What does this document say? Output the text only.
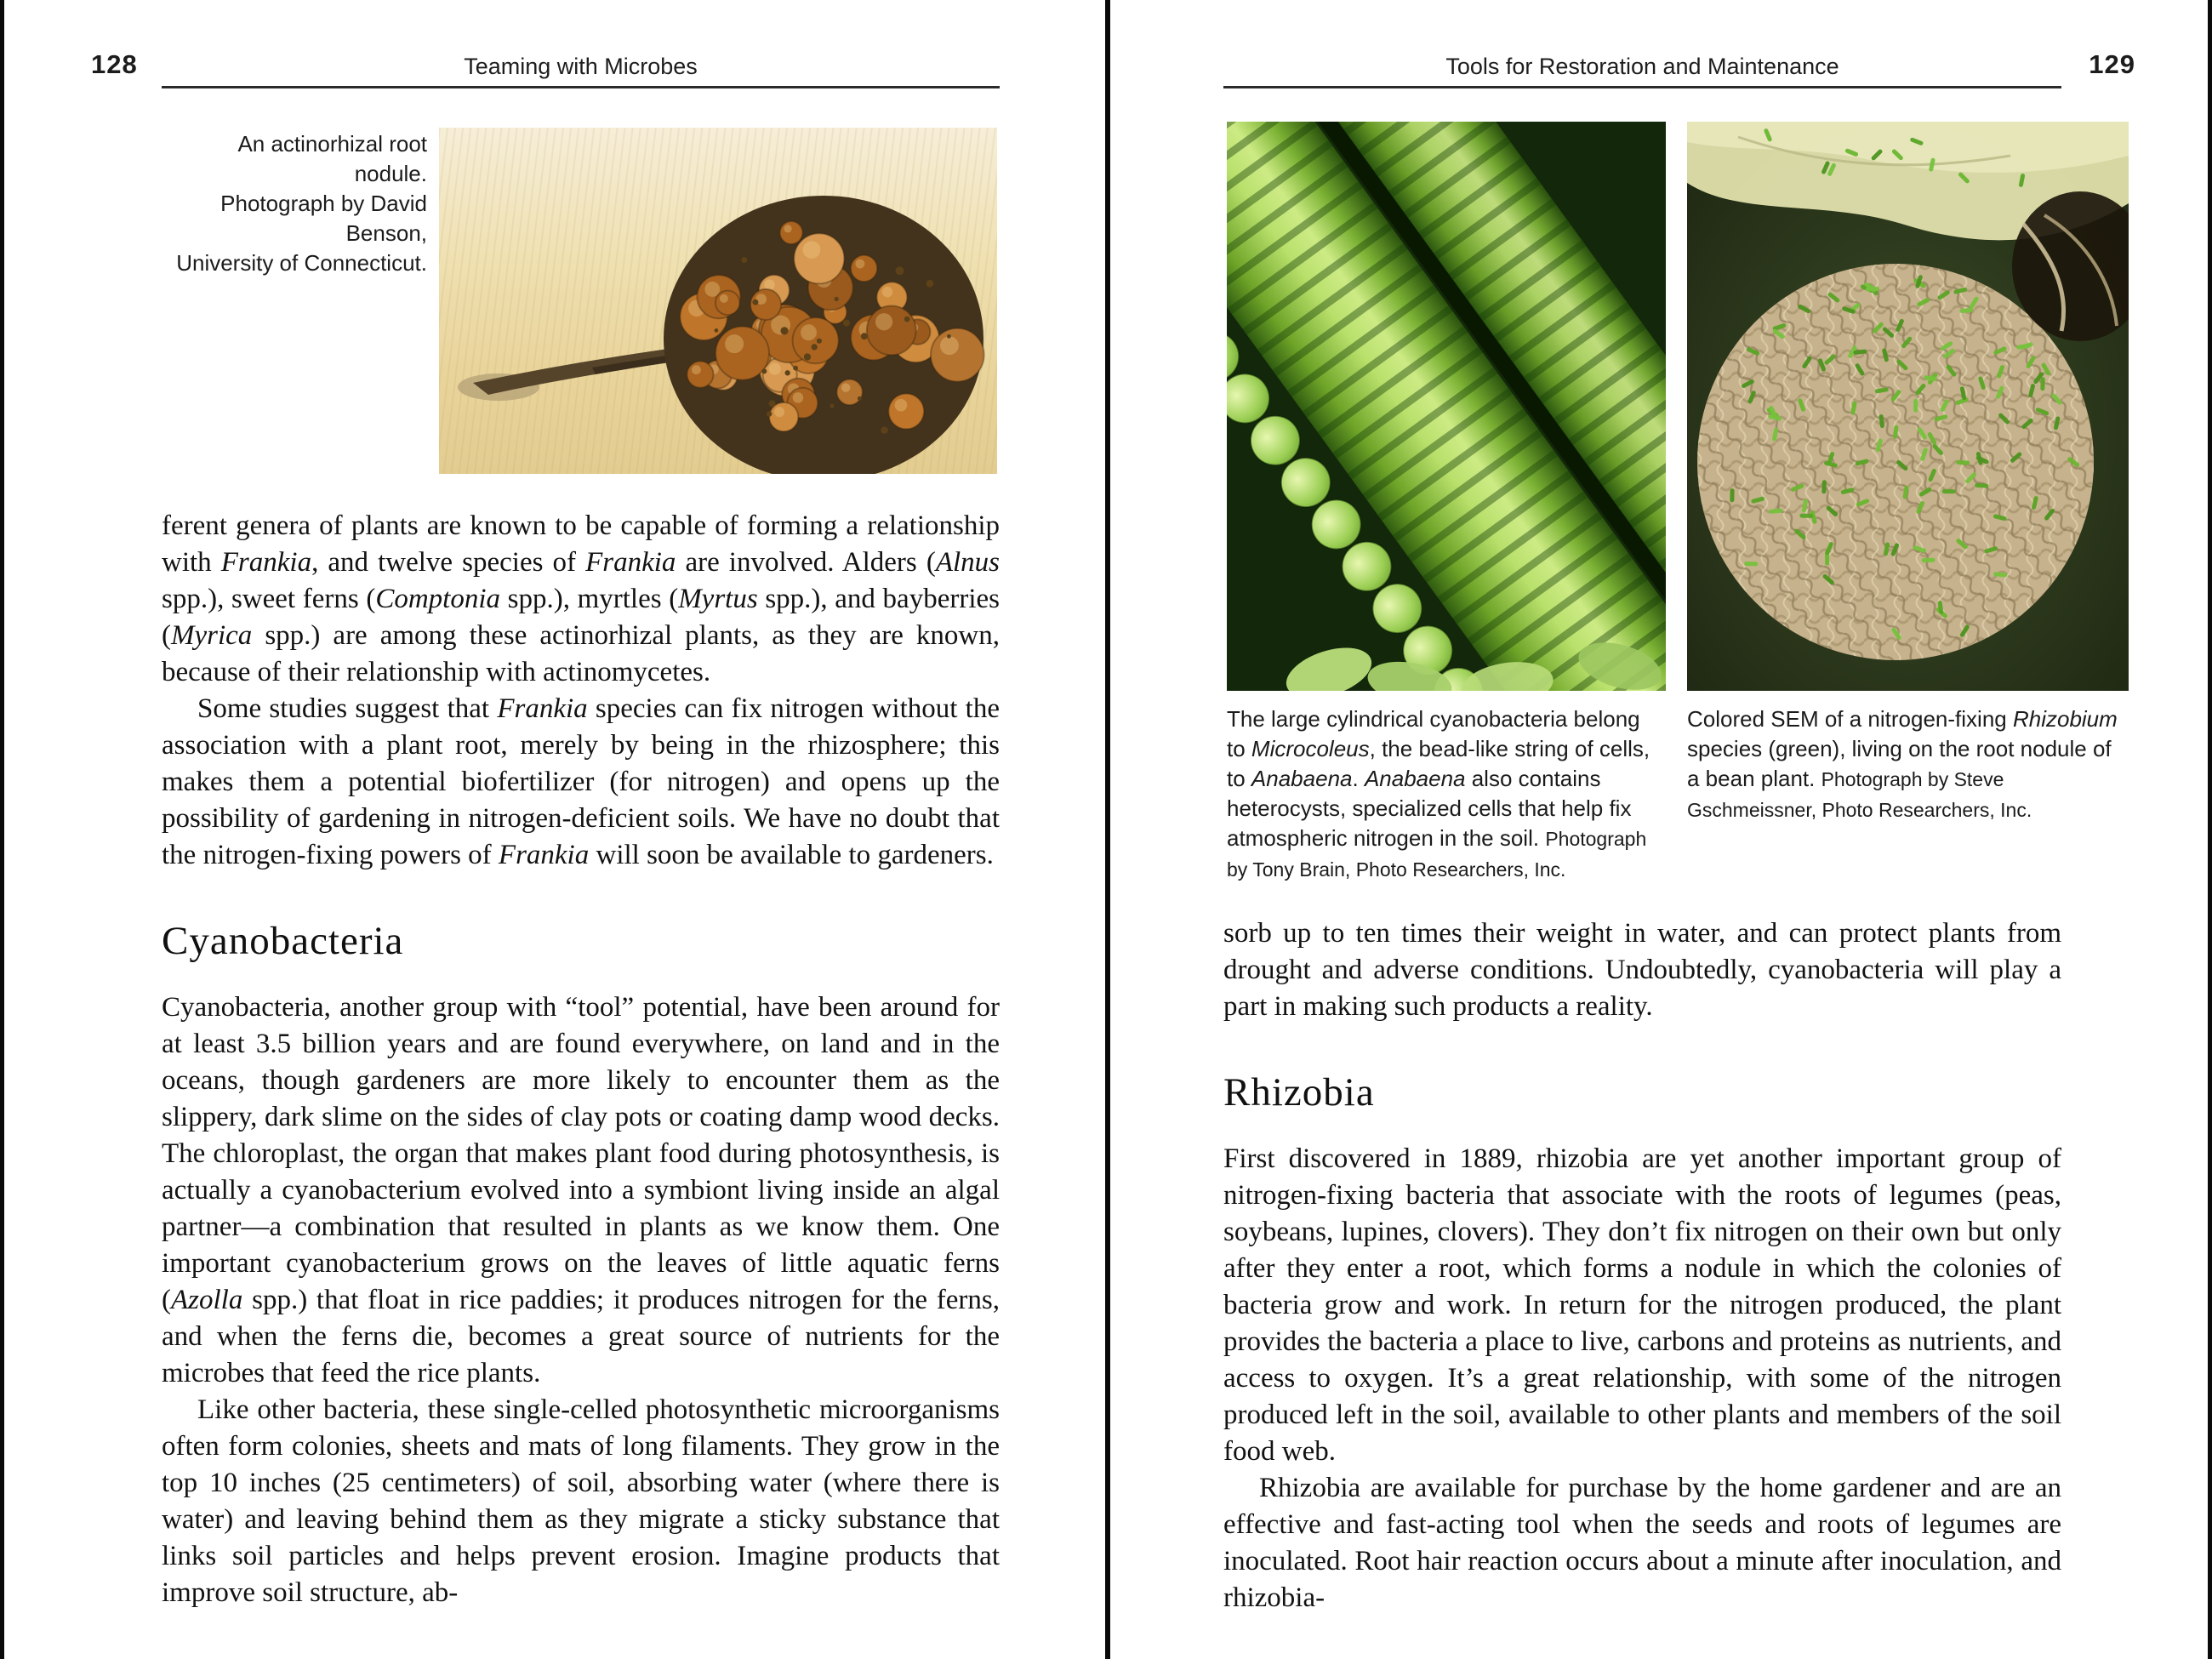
128	Teaming with Microbes
An actinorhizal root nodule.
Photograph by David Benson,
University of Connecticut.

ferent genera of plants are known to be capable of forming a relationship with Frankia, and twelve species of Frankia are involved. Alders (Alnus spp.), sweet ferns (Comptonia spp.), myrtles (Myrtus spp.), and bayberries (Myrica spp.) are among these actinorhizal plants, as they are known, because of their relationship with actinomycetes.

Some studies suggest that Frankia species can fix nitrogen without the association with a plant root, merely by being in the rhizosphere; this makes them a potential biofertilizer (for nitrogen) and opens up the possibility of gardening in nitrogen-deficient soils. We have no doubt that the nitrogen-fixing powers of Frankia will soon be available to gardeners.

Cyanobacteria

Cyanobacteria, another group with “tool” potential, have been around for at least 3.5 billion years and are found everywhere, on land and in the oceans, though gardeners are more likely to encounter them as the slippery, dark slime on the sides of clay pots or coating damp wood decks. The chloroplast, the organ that makes plant food during photosynthesis, is actually a cyanobacterium evolved into a symbiont living inside an algal partner—a combination that resulted in plants as we know them. One important cyanobacterium grows on the leaves of little aquatic ferns (Azolla spp.) that float in rice paddies; it produces nitrogen for the ferns, and when the ferns die, becomes a great source of nutrients for the microbes that feed the rice plants.

Like other bacteria, these single-celled photosynthetic microorganisms often form colonies, sheets and mats of long filaments. They grow in the top 10 inches (25 centimeters) of soil, absorbing water (where there is water) and leaving behind them as they migrate a sticky substance that links soil particles and helps prevent erosion. Imagine products that improve soil structure, ab-

Tools for Restoration and Maintenance	129
The large cylindrical cyanobacteria belong to Microcoleus, the bead-like string of cells, to Anabaena. Anabaena also contains heterocysts, specialized cells that help fix atmospheric nitrogen in the soil. Photograph by Tony Brain, Photo Researchers, Inc.
Colored SEM of a nitrogen-fixing Rhizobium species (green), living on the root nodule of a bean plant. Photograph by Steve Gschmeissner, Photo Researchers, Inc.

sorb up to ten times their weight in water, and can protect plants from drought and adverse conditions. Undoubtedly, cyanobacteria will play a part in making such products a reality.

Rhizobia

First discovered in 1889, rhizobia are yet another important group of nitrogen-fixing bacteria that associate with the roots of legumes (peas, soybeans, lupines, clovers). They don’t fix nitrogen on their own but only after they enter a root, which forms a nodule in which the colonies of bacteria grow and work. In return for the nitrogen produced, the plant provides the bacteria a place to live, carbons and proteins as nutrients, and access to oxygen. It’s a great relationship, with some of the nitrogen produced left in the soil, available to other plants and members of the soil food web.

Rhizobia are available for purchase by the home gardener and are an effective and fast-acting tool when the seeds and roots of legumes are inoculated. Root hair reaction occurs about a minute after inoculation, and rhizobia-
